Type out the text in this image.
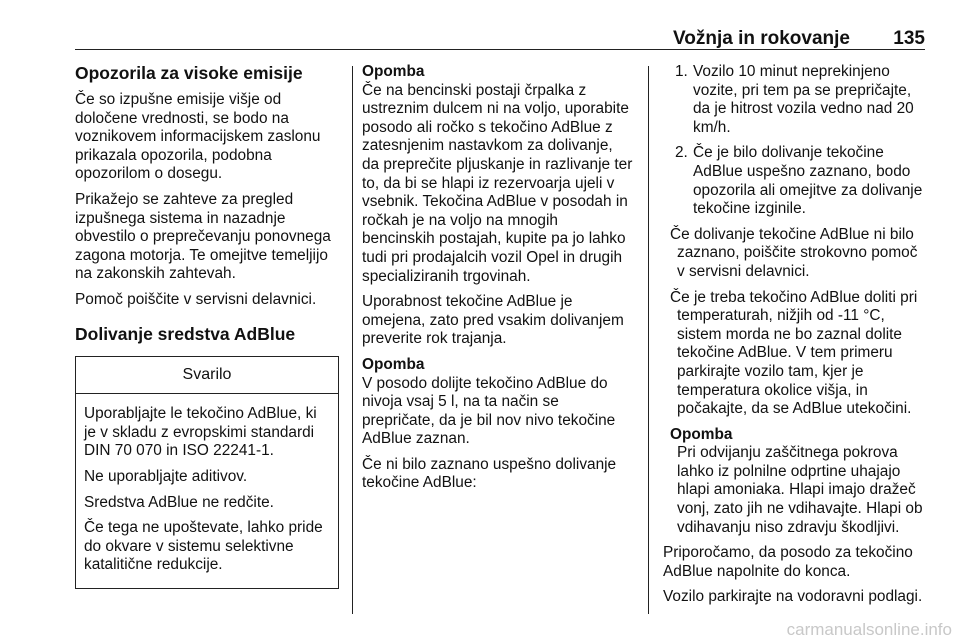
Vožnja in rokovanje 135
Opozorila za visoke emisije

Če so izpušne emisije višje od določene vrednosti, se bodo na voznikovem informacijskem zaslonu prikazala opozorila, podobna opozorilom o dosegu.

Prikažejo se zahteve za pregled izpušnega sistema in nazadnje obvestilo o preprečevanju ponovnega zagona motorja. Te omejitve temeljijo na zakonskih zahtevah.

Pomoč poiščite v servisni delavnici.

Dolivanje sredstva AdBlue
Svarilo

Uporabljajte le tekočino AdBlue, ki je v skladu z evropskimi standardi DIN 70 070 in ISO 22241-1.

Ne uporabljajte aditivov.

Sredstva AdBlue ne redčite.

Če tega ne upoštevate, lahko pride do okvare v sistemu selektivne katalitične redukcije.

Opomba
Če na bencinski postaji črpalka z ustreznim dulcem ni na voljo, uporabite posodo ali ročko s tekočino AdBlue z zatesnjenim nastavkom za dolivanje, da preprečite pljuskanje in razlivanje ter to, da bi se hlapi iz rezervoarja ujeli v vsebnik. Tekočina AdBlue v posodah in ročkah je na voljo na mnogih bencinskih postajah, kupite pa jo lahko tudi pri prodajalcih vozil Opel in drugih specializiranih trgovinah.

Uporabnost tekočine AdBlue je omejena, zato pred vsakim dolivanjem preverite rok trajanja.

Opomba
V posodo dolijte tekočino AdBlue do nivoja vsaj 5 l, na ta način se prepričate, da je bil nov nivo tekočine AdBlue zaznan.

Če ni bilo zaznano uspešno dolivanje tekočine AdBlue:

1. Vozilo 10 minut neprekinjeno vozite, pri tem pa se prepričajte, da je hitrost vozila vedno nad 20 km/h.
2. Če je bilo dolivanje tekočine AdBlue uspešno zaznano, bodo opozorila ali omejitve za dolivanje tekočine izginile.

Če dolivanje tekočine AdBlue ni bilo zaznano, poiščite strokovno pomoč v servisni delavnici.

Če je treba tekočino AdBlue doliti pri temperaturah, nižjih od -11 °C, sistem morda ne bo zaznal dolite tekočine AdBlue. V tem primeru parkirajte vozilo tam, kjer je temperatura okolice višja, in počakajte, da se AdBlue utekočini.

Opomba
Pri odvijanju zaščitnega pokrova lahko iz polnilne odprtine uhajajo hlapi amoniaka. Hlapi imajo dražeč vonj, zato jih ne vdihavajte. Hlapi ob vdihavanju niso zdravju škodljivi.

Priporočamo, da posodo za tekočino AdBlue napolnite do konca.

Vozilo parkirajte na vodoravni podlagi.

carmanualsonline.info
